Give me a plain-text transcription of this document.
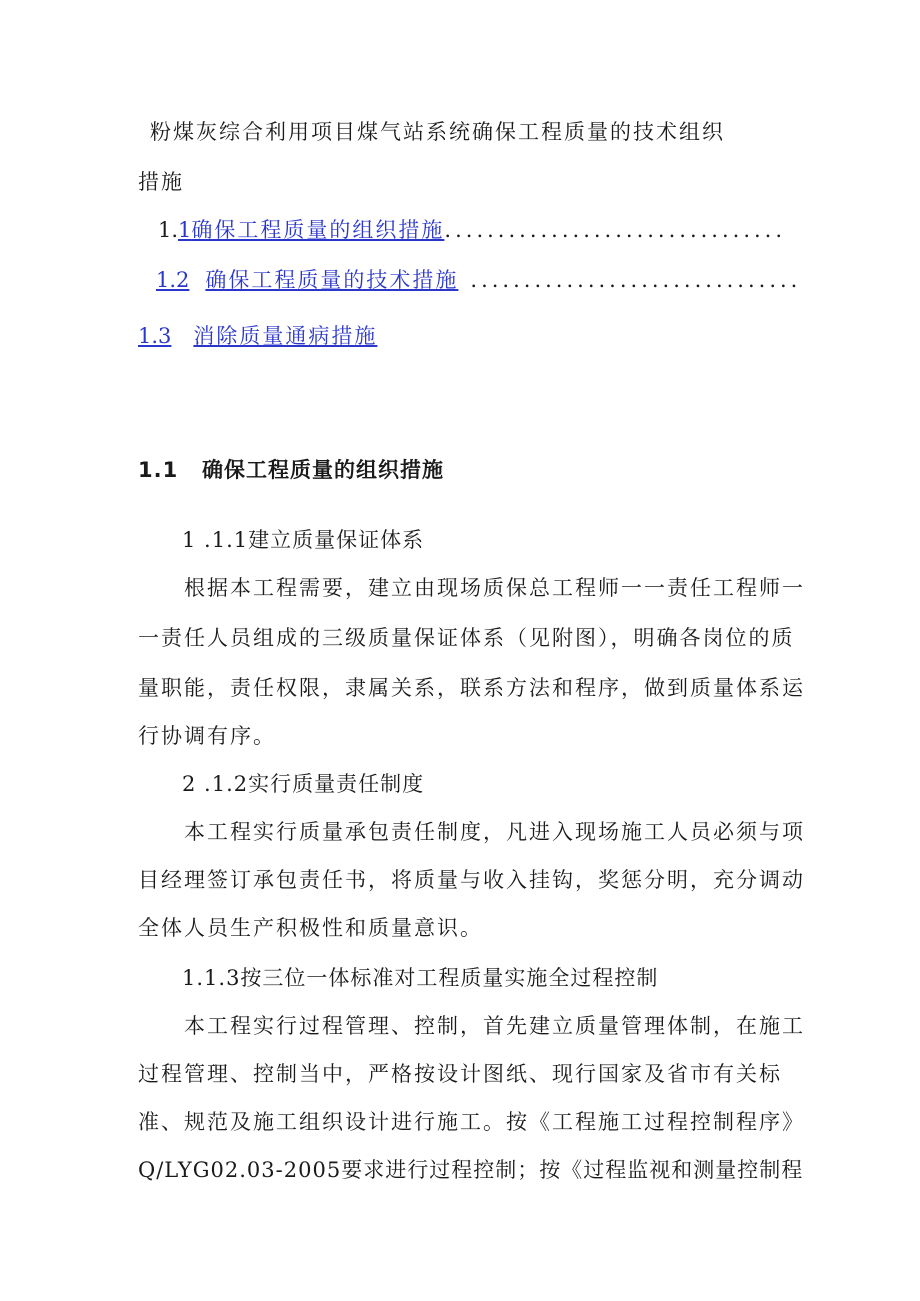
粉煤灰综合利用项目煤气站系统确保工程质量的技术组织
措施
1.1确保工程质量的组织措施................................
1.2 确保工程质量的技术措施 ...............................
1.3 消除质量通病措施
1.1 确保工程质量的组织措施
1 .1.1建立质量保证体系
根据本工程需要，建立由现场质保总工程师一一责任工程师一
一责任人员组成的三级质量保证体系（见附图），明确各岗位的质
量职能，责任权限，隶属关系，联系方法和程序，做到质量体系运
行协调有序。
2 .1.2实行质量责任制度
本工程实行质量承包责任制度，凡进入现场施工人员必须与项
目经理签订承包责任书，将质量与收入挂钩，奖惩分明，充分调动
全体人员生产积极性和质量意识。
1.1.3按三位一体标准对工程质量实施全过程控制
本工程实行过程管理、控制，首先建立质量管理体制，在施工
过程管理、控制当中，严格按设计图纸、现行国家及省市有关标
准、规范及施工组织设计进行施工。按《工程施工过程控制程序》
Q/LYG02.03-2005要求进行过程控制；按《过程监视和测量控制程
